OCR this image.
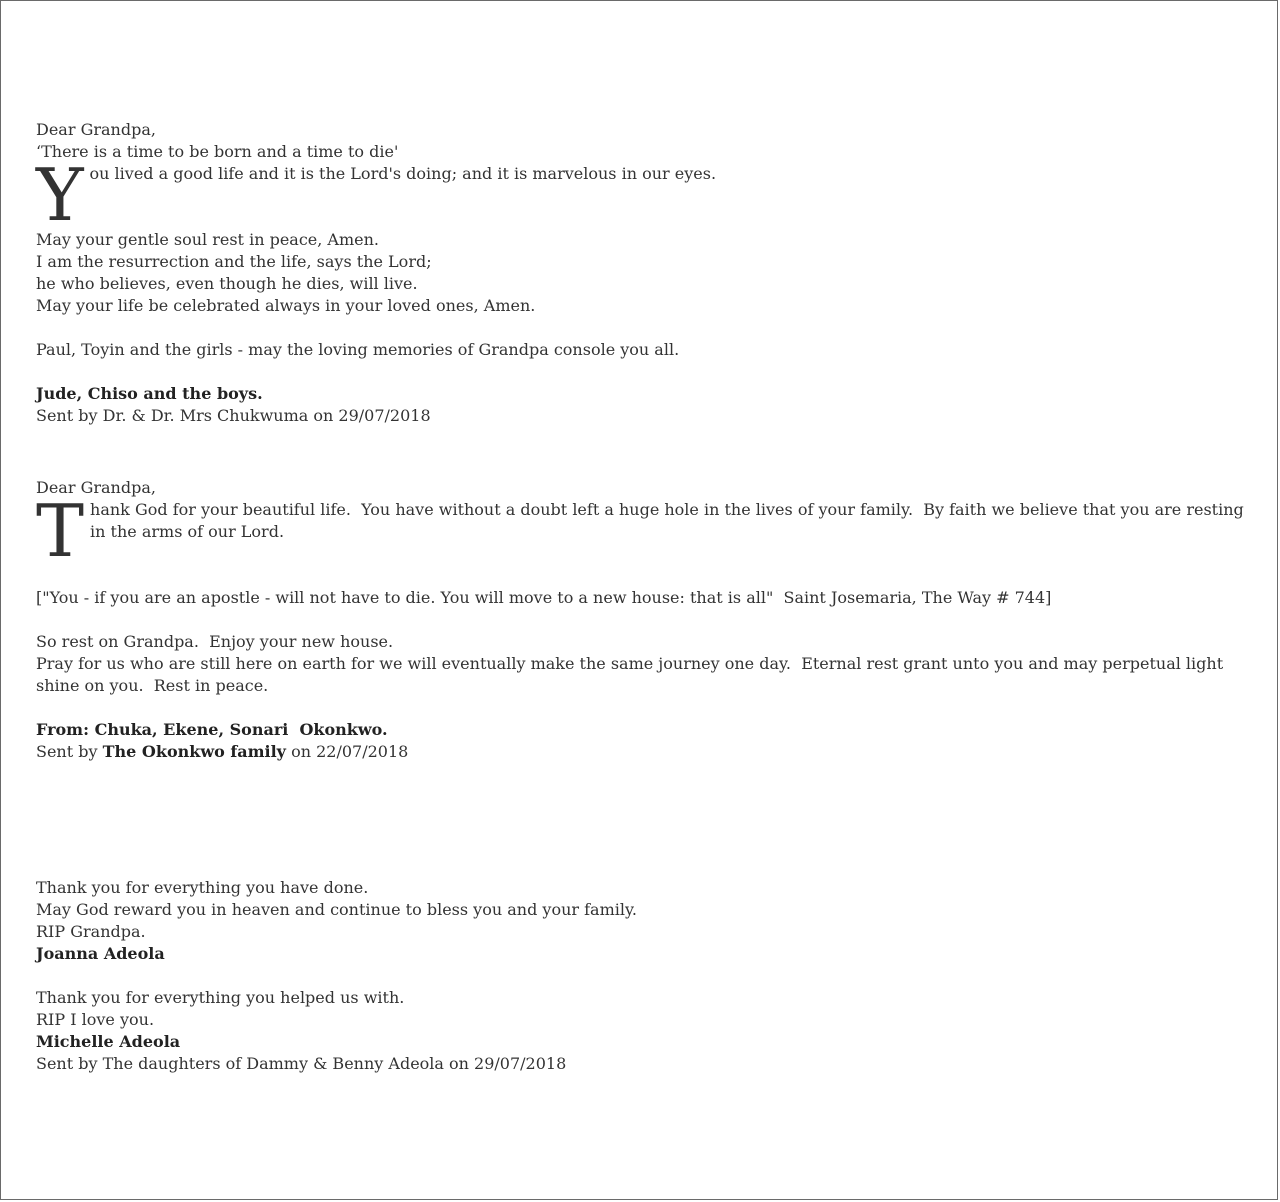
Dear Grandpa,
‘There is a time to be born and a time to die'
Y ou lived a good life and it is the Lord's doing; and it is marvelous in our eyes.
May your gentle soul rest in peace, Amen.
I am the resurrection and the life, says the Lord;
he who believes, even though he dies, will live.
May your life be celebrated always in your loved ones, Amen.
Paul, Toyin and the girls - may the loving memories of Grandpa console you all.
Jude, Chiso and the boys.
Sent by Dr. & Dr. Mrs Chukwuma on 29/07/2018
Dear Grandpa,
T hank God for your beautiful life.  You have without a doubt left a huge hole in the lives of your family.  By faith we believe that you are resting in the arms of our Lord.
["You - if you are an apostle - will not have to die. You will move to a new house: that is all"  Saint Josemaria, The Way # 744]
So rest on Grandpa.  Enjoy your new house.
Pray for us who are still here on earth for we will eventually make the same journey one day.  Eternal rest grant unto you and may perpetual light shine on you.  Rest in peace.
From: Chuka, Ekene, Sonari  Okonkwo.
Sent by The Okonkwo family on 22/07/2018
Thank you for everything you have done.
May God reward you in heaven and continue to bless you and your family.
RIP Grandpa.
Joanna Adeola
Thank you for everything you helped us with.
RIP I love you.
Michelle Adeola
Sent by The daughters of Dammy & Benny Adeola on 29/07/2018
